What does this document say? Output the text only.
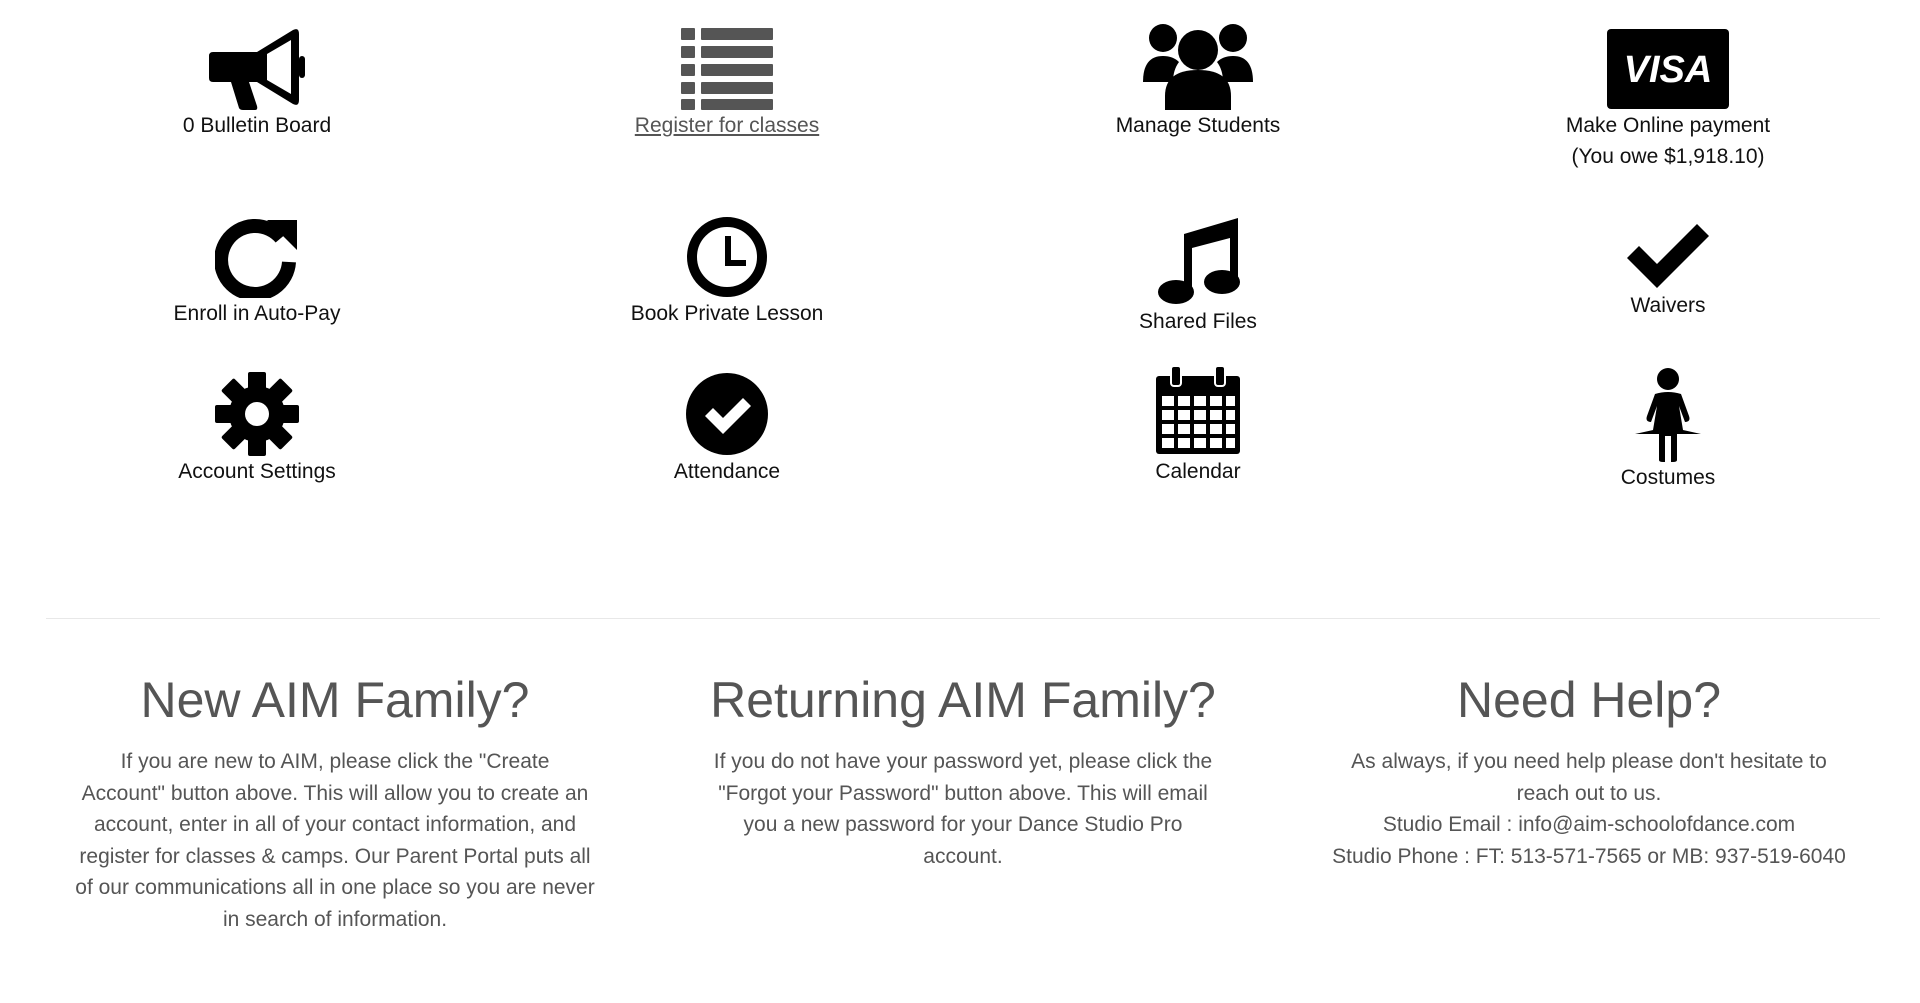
0 Bulletin Board	Register for classes	Manage Students
VISA
Make Online payment
(You owe $1,918.10)
Enroll in Auto-Pay	Book Private Lesson	Shared Files
Waivers
Account Settings	Attendance	Calendar	Costumes
New AIM Family?

If you are new to AIM, please click the "Create
Account" button above. This will allow you to create an
account, enter in all of your contact information, and
register for classes & camps. Our Parent Portal puts all
of our communications all in one place so you are never
in search of information.

Returning AIM Family?

If you do not have your password yet, please click the
"Forgot your Password" button above. This will email
you a new password for your Dance Studio Pro
account.

Need Help?

As always, if you need help please don't hesitate to
reach out to us.
Studio Email : info@aim-schoolofdance.com
Studio Phone : FT: 513-571-7565 or MB: 937-519-6040
